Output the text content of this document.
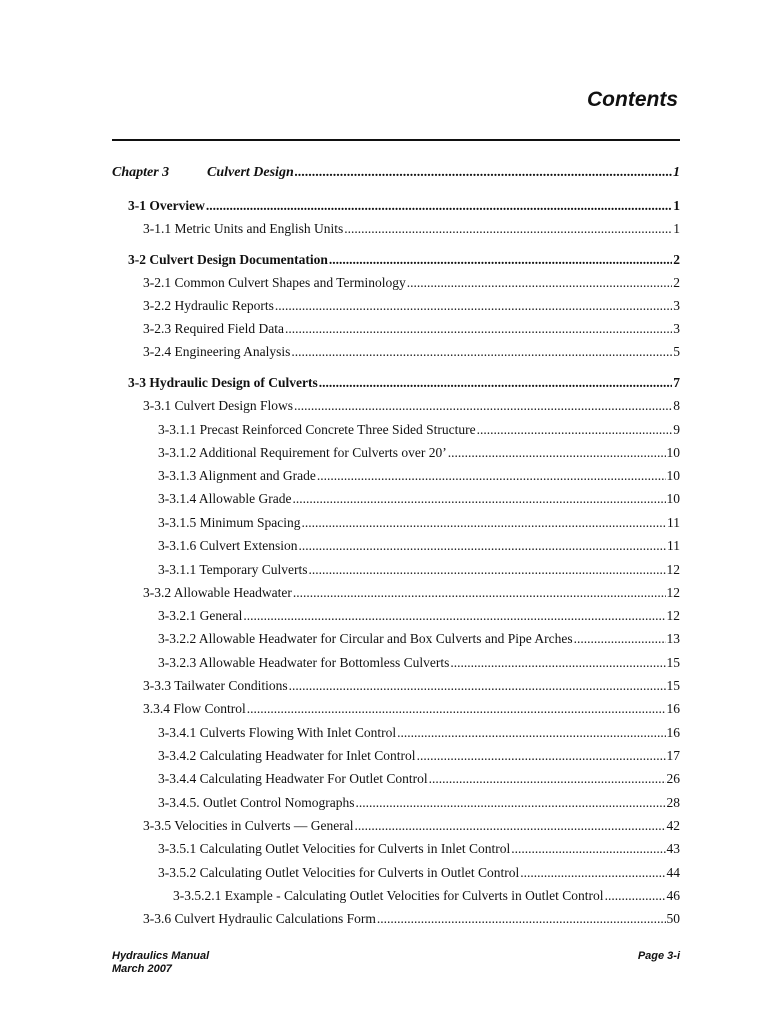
Contents
Chapter 3	Culvert Design .....	1
3-1 Overview .....	1
3-1.1 Metric Units and English Units .....	1
3-2 Culvert Design Documentation .....	2
3-2.1 Common Culvert Shapes and Terminology .....	2
3-2.2 Hydraulic Reports .....	3
3-2.3 Required Field Data .....	3
3-2.4 Engineering Analysis .....	5
3-3 Hydraulic Design of Culverts .....	7
3-3.1 Culvert Design Flows .....	8
3-3.1.1 Precast Reinforced Concrete Three Sided Structure .....	9
3-3.1.2 Additional Requirement for Culverts over 20’ .....	10
3-3.1.3 Alignment and Grade .....	10
3-3.1.4 Allowable Grade .....	10
3-3.1.5 Minimum Spacing .....	11
3-3.1.6 Culvert Extension .....	11
3-3.1.1 Temporary Culverts .....	12
3-3.2 Allowable Headwater .....	12
3-3.2.1 General .....	12
3-3.2.2 Allowable Headwater for Circular and Box Culverts and Pipe Arches .....	13
3-3.2.3 Allowable Headwater for Bottomless Culverts .....	15
3-3.3 Tailwater Conditions .....	15
3.3.4 Flow Control .....	16
3-3.4.1 Culverts Flowing With Inlet Control .....	16
3-3.4.2 Calculating Headwater for Inlet Control .....	17
3-3.4.4 Calculating Headwater For Outlet Control .....	26
3-3.4.5. Outlet Control Nomographs .....	28
3-3.5 Velocities in Culverts — General .....	42
3-3.5.1 Calculating Outlet Velocities for Culverts in Inlet Control .....	43
3-3.5.2 Calculating Outlet Velocities for Culverts in Outlet Control .....	44
3-3.5.2.1 Example - Calculating Outlet Velocities for Culverts in Outlet Control .....	46
3-3.6 Culvert Hydraulic Calculations Form .....	50
Hydraulics Manual	Page 3-i
March 2007
